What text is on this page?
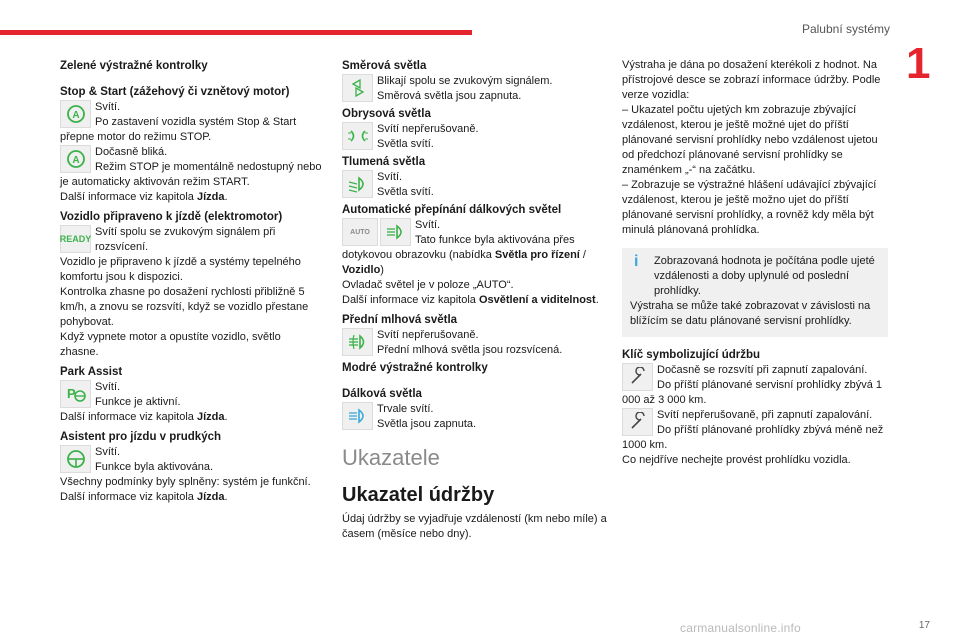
Palubní systémy
1
Zelené výstražné kontrolky
Stop & Start (zážehový či vznětový motor)
A

Svítí.

Po zastavení vozidla systém Stop & Start přepne motor do režimu STOP.

A

Dočasně bliká.

Režim STOP je momentálně nedostupný nebo je automaticky aktivován režim START.

Další informace viz kapitola Jízda.

Vozidlo připraveno k jízdě (elektromotor)
READY

Svítí spolu se zvukovým signálem při rozsvícení.

Vozidlo je připraveno k jízdě a systémy tepelného komfortu jsou k dispozici.

Kontrolka zhasne po dosažení rychlosti přibližně 5 km/h, a znovu se rozsvítí, když se vozidlo přestane pohybovat.

Když vypnete motor a opustíte vozidlo, světlo zhasne.

Park Assist
P	Svítí.

Funkce je aktivní.

Další informace viz kapitola Jízda.

Asistent pro jízdu v prudkých

Svítí.

Funkce byla aktivována.

Všechny podmínky byly splněny: systém je funkční.

Další informace viz kapitola Jízda.

Směrová světla

Blikají spolu se zvukovým signálem.

Směrová světla jsou zapnuta.

Obrysová světla

Svítí nepřerušovaně.

Světla svítí.

Tlumená světla

Svítí.

Světla svítí.

Automatické přepínání dálkových světel
AUTO

Svítí.

Tato funkce byla aktivována přes dotykovou obrazovku (nabídka Světla pro řízení / Vozidlo)

Ovladač světel je v poloze „AUTO“.

Další informace viz kapitola Osvětlení a viditelnost.

Přední mlhová světla

Svítí nepřerušovaně.

Přední mlhová světla jsou rozsvícená.

Modré výstražné kontrolky
Dálková světla

Trvale svítí.

Světla jsou zapnuta.

Ukazatele
Ukazatel údržby

Údaj údržby se vyjadřuje vzdáleností (km nebo míle) a časem (měsíce nebo dny).

Výstraha je dána po dosažení kterékoli z hodnot. Na přístrojové desce se zobrazí informace údržby. Podle verze vozidla:

– Ukazatel počtu ujetých km zobrazuje zbývající vzdálenost, kterou je ještě možné ujet do příští plánované servisní prohlídky nebo vzdálenost ujetou od předchozí plánované servisní prohlídky se znaménkem „-“ na začátku.

– Zobrazuje se výstražné hlášení udávající zbývající vzdálenost, kterou je ještě možno ujet do příští plánované servisní prohlídky, a rovněž kdy měla být minulá plánovaná prohlídka.

i	Zobrazovaná hodnota je počítána podle ujeté vzdálenosti a doby uplynulé od poslední prohlídky.

Výstraha se může také zobrazovat v závislosti na blížícím se datu plánované servisní prohlídky.

Klíč symbolizující údržbu

Dočasně se rozsvítí při zapnutí zapalování.

Do příští plánované servisní prohlídky zbývá 1 000 až 3 000 km.

Svítí nepřerušovaně, při zapnutí zapalování.

Do příští plánované prohlídky zbývá méně než 1000 km.

Co nejdříve nechejte provést prohlídku vozidla.

carmanualsonline.info	17
